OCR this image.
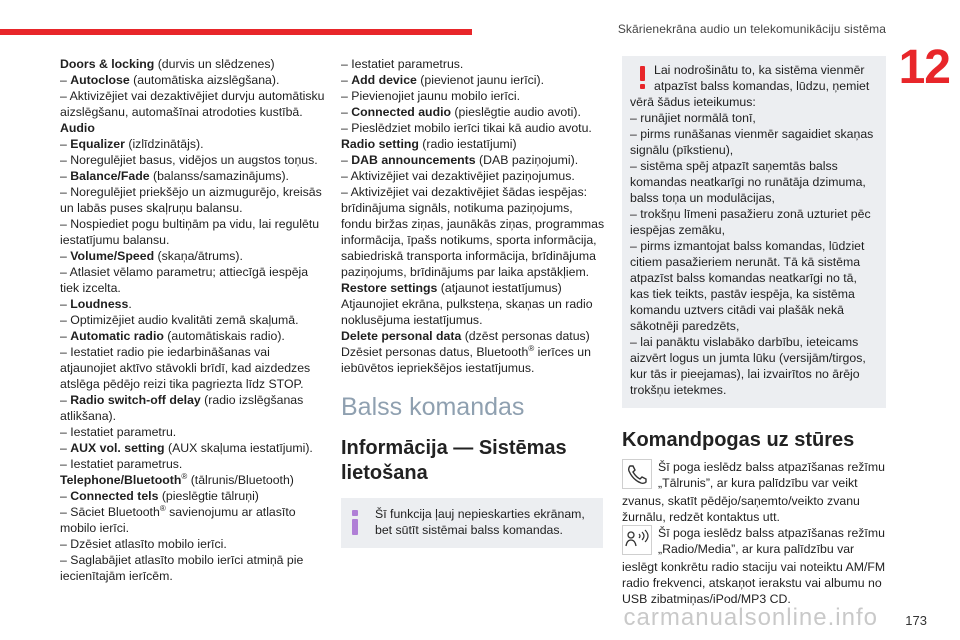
Skārienekrāna audio un telekomunikāciju sistēma
12
Doors & locking (durvis un slēdzenes)
– Autoclose (automātiska aizslēgšana).
– Aktivizējiet vai dezaktivējiet durvju automātisku
aizslēgšanu, automašīnai atrodoties kustībā.
Audio
– Equalizer (izlīdzinātājs).
– Noregulējiet basus, vidējos un augstos toņus.
– Balance/Fade (balanss/samazinājums).
– Noregulējiet priekšējo un aizmugurējo, kreisās
un labās puses skaļruņu balansu.
– Nospiediet pogu bultiņām pa vidu, lai regulētu
iestatījumu balansu.
– Volume/Speed (skaņa/ātrums).
– Atlasiet vēlamo parametru; attiecīgā iespēja
tiek izcelta.
– Loudness.
– Optimizējiet audio kvalitāti zemā skaļumā.
– Automatic radio (automātiskais radio).
– Iestatiet radio pie iedarbināšanas vai
atjaunojiet aktīvo stāvokli brīdī, kad aizdedzes
atslēga pēdējo reizi tika pagriezta līdz STOP.
– Radio switch-off delay (radio izslēgšanas
atlikšana).
– Iestatiet parametru.
– AUX vol. setting (AUX skaļuma iestatījumi).
– Iestatiet parametrus.
Telephone/Bluetooth® (tālrunis/Bluetooth)
– Connected tels (pieslēgtie tālruņi)
– Sāciet Bluetooth® savienojumu ar atlasīto
mobilo ierīci.
– Dzēsiet atlasīto mobilo ierīci.
– Saglabājiet atlasīto mobilo ierīci atmiņā pie
iecienītajām ierīcēm.
– Iestatiet parametrus.
– Add device (pievienot jaunu ierīci).
– Pievienojiet jaunu mobilo ierīci.
– Connected audio (pieslēgtie audio avoti).
– Pieslēdziet mobilo ierīci tikai kā audio avotu.
Radio setting (radio iestatījumi)
– DAB announcements (DAB paziņojumi).
– Aktivizējiet vai dezaktivējiet paziņojumus.
– Aktivizējiet vai dezaktivējiet šādas iespējas:
brīdinājuma signāls, notikuma paziņojums,
fondu biržas ziņas, jaunākās ziņas, programmas
informācija, īpašs notikums, sporta informācija,
sabiedriskā transporta informācija, brīdinājuma
paziņojums, brīdinājums par laika apstākļiem.
Restore settings (atjaunot iestatījumus)
Atjaunojiet ekrāna, pulksteņa, skaņas un radio
noklusējuma iestatījumus.
Delete personal data (dzēst personas datus)
Dzēsiet personas datus, Bluetooth® ierīces un
iebūvētos iepriekšējos iestatījumus.
Balss komandas
Informācija — Sistēmas
lietošana
Šī funkcija ļauj nepieskarties ekrānam,
bet sūtīt sistēmai balss komandas.
Lai nodrošinātu to, ka sistēma vienmēr
atpazīst balss komandas, lūdzu, ņemiet
vērā šādus ieteikumus:
– runājiet normālā tonī,
– pirms runāšanas vienmēr sagaidiet skaņas
signālu (pīkstienu),
– sistēma spēj atpazīt saņemtās balss
komandas neatkarīgi no runātāja dzimuma,
balss toņa un modulācijas,
– trokšņu līmeni pasažieru zonā uzturiet pēc
iespējas zemāku,
– pirms izmantojat balss komandas, lūdziet
citiem pasažieriem nerunāt. Tā kā sistēma
atpazīst balss komandas neatkarīgi no tā,
kas tiek teikts, pastāv iespēja, ka sistēma
komandu uztvers citādi vai plašāk nekā
sākotnēji paredzēts,
– lai panāktu vislabāko darbību, ieteicams
aizvērt logus un jumta lūku (versijām/tirgos,
kur tās ir pieejamas), lai izvairītos no ārējo
trokšņu ietekmes.
Komandpogas uz stūres
Šī poga ieslēdz balss atpazīšanas režīmu
„Tālrunis”, ar kura palīdzību var veikt
zvanus, skatīt pēdējo/saņemto/veikto zvanu
žurnālu, redzēt kontaktus utt.
Šī poga ieslēdz balss atpazīšanas režīmu
„Radio/Media”, ar kura palīdzību var
ieslēgt konkrētu radio staciju vai noteiktu AM/FM
radio frekvenci, atskaņot ierakstu vai albumu no
USB zibatmiņas/iPod/MP3 CD.
carmanualsonline.info 173
